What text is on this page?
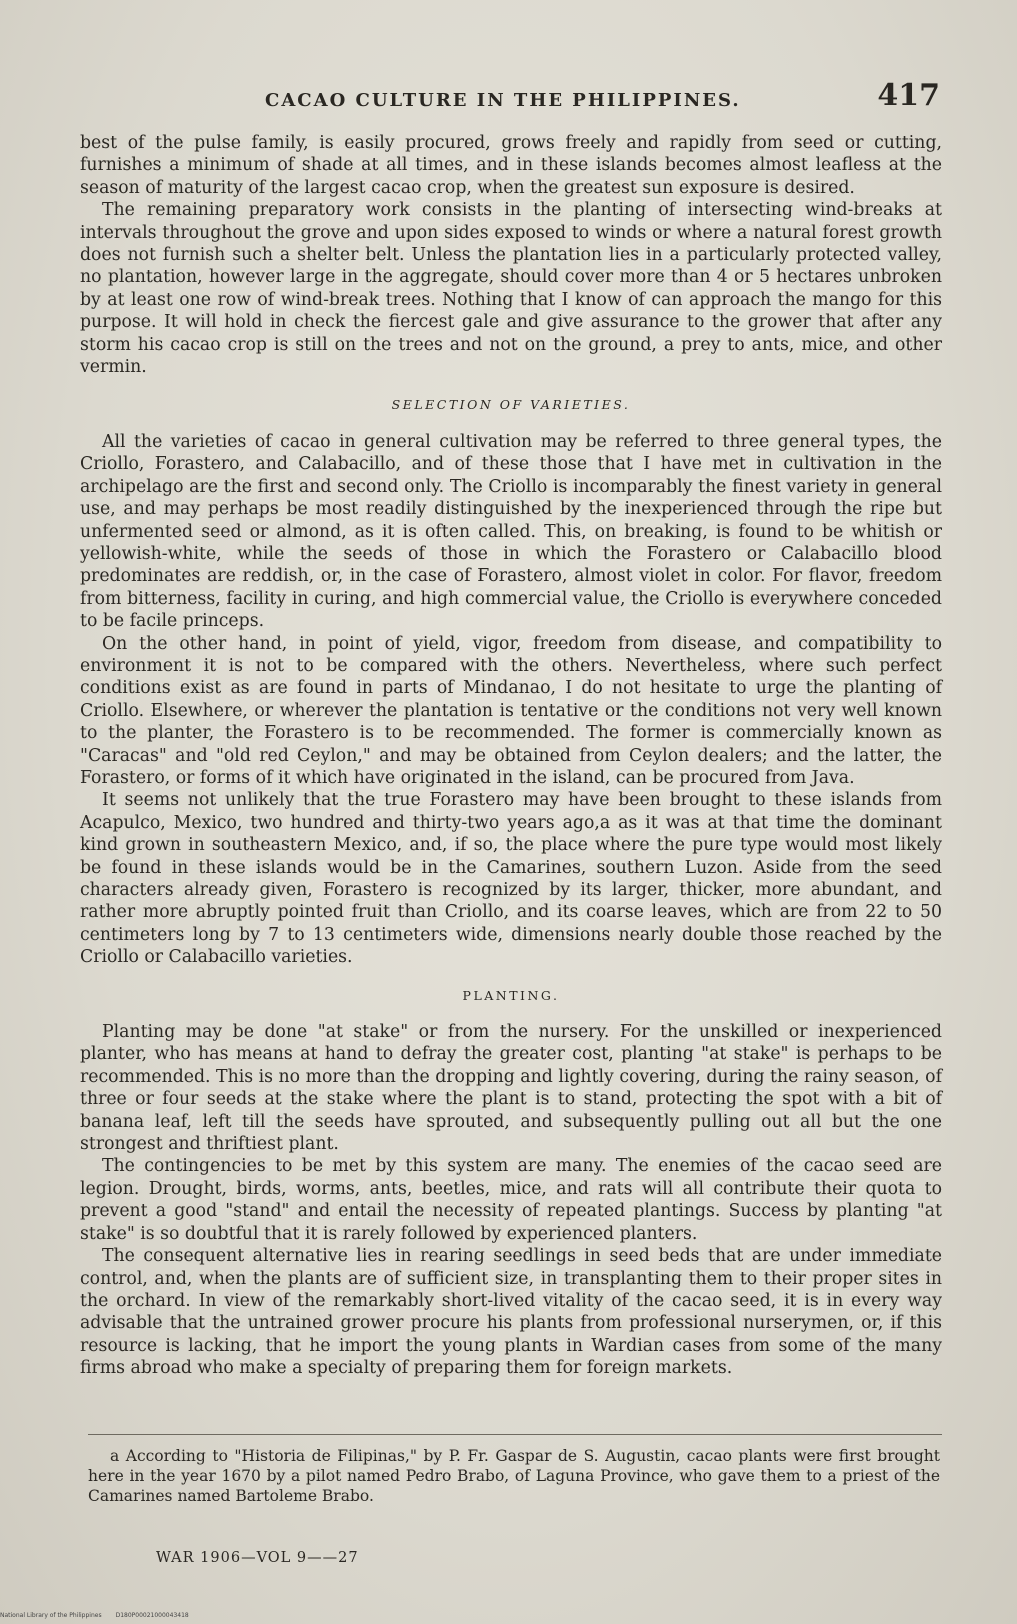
CACAO CULTURE IN THE PHILIPPINES.	417

best of the pulse family, is easily procured, grows freely and rapidly from seed or cutting, furnishes a minimum of shade at all times, and in these islands becomes almost leafless at the season of maturity of the largest cacao crop, when the greatest sun exposure is desired.

The remaining preparatory work consists in the planting of intersecting wind-breaks at intervals throughout the grove and upon sides exposed to winds or where a natural forest growth does not furnish such a shelter belt. Unless the plantation lies in a particularly protected valley, no plantation, however large in the aggregate, should cover more than 4 or 5 hectares unbroken by at least one row of wind-break trees. Nothing that I know of can approach the mango for this purpose. It will hold in check the fiercest gale and give assurance to the grower that after any storm his cacao crop is still on the trees and not on the ground, a prey to ants, mice, and other vermin.

SELECTION OF VARIETIES.

All the varieties of cacao in general cultivation may be referred to three general types, the Criollo, Forastero, and Calabacillo, and of these those that I have met in cultivation in the archipelago are the first and second only. The Criollo is incomparably the finest variety in general use, and may perhaps be most readily distinguished by the inexperienced through the ripe but unfermented seed or almond, as it is often called. This, on breaking, is found to be whitish or yellowish-white, while the seeds of those in which the Forastero or Calabacillo blood predominates are reddish, or, in the case of Forastero, almost violet in color. For flavor, freedom from bitterness, facility in curing, and high commercial value, the Criollo is everywhere conceded to be facile princeps.

On the other hand, in point of yield, vigor, freedom from disease, and compatibility to environment it is not to be compared with the others. Nevertheless, where such perfect conditions exist as are found in parts of Mindanao, I do not hesitate to urge the planting of Criollo. Elsewhere, or wherever the plantation is tentative or the conditions not very well known to the planter, the Forastero is to be recommended. The former is commercially known as "Caracas" and "old red Ceylon," and may be obtained from Ceylon dealers; and the latter, the Forastero, or forms of it which have originated in the island, can be procured from Java.

It seems not unlikely that the true Forastero may have been brought to these islands from Acapulco, Mexico, two hundred and thirty-two years ago,a as it was at that time the dominant kind grown in southeastern Mexico, and, if so, the place where the pure type would most likely be found in these islands would be in the Camarines, southern Luzon. Aside from the seed characters already given, Forastero is recognized by its larger, thicker, more abundant, and rather more abruptly pointed fruit than Criollo, and its coarse leaves, which are from 22 to 50 centimeters long by 7 to 13 centimeters wide, dimensions nearly double those reached by the Criollo or Calabacillo varieties.

PLANTING.

Planting may be done "at stake" or from the nursery. For the unskilled or inexperienced planter, who has means at hand to defray the greater cost, planting "at stake" is perhaps to be recommended. This is no more than the dropping and lightly covering, during the rainy season, of three or four seeds at the stake where the plant is to stand, protecting the spot with a bit of banana leaf, left till the seeds have sprouted, and subsequently pulling out all but the one strongest and thriftiest plant.

The contingencies to be met by this system are many. The enemies of the cacao seed are legion. Drought, birds, worms, ants, beetles, mice, and rats will all contribute their quota to prevent a good "stand" and entail the necessity of repeated plantings. Success by planting "at stake" is so doubtful that it is rarely followed by experienced planters.

The consequent alternative lies in rearing seedlings in seed beds that are under immediate control, and, when the plants are of sufficient size, in transplanting them to their proper sites in the orchard. In view of the remarkably short-lived vitality of the cacao seed, it is in every way advisable that the untrained grower procure his plants from professional nurserymen, or, if this resource is lacking, that he import the young plants in Wardian cases from some of the many firms abroad who make a specialty of preparing them for foreign markets.

a According to "Historia de Filipinas," by P. Fr. Gaspar de S. Augustin, cacao plants were first brought here in the year 1670 by a pilot named Pedro Brabo, of Laguna Province, who gave them to a priest of the Camarines named Bartoleme Brabo.

WAR 1906—VOL 9——27
National Library of the Philippines D180P00021000043418
